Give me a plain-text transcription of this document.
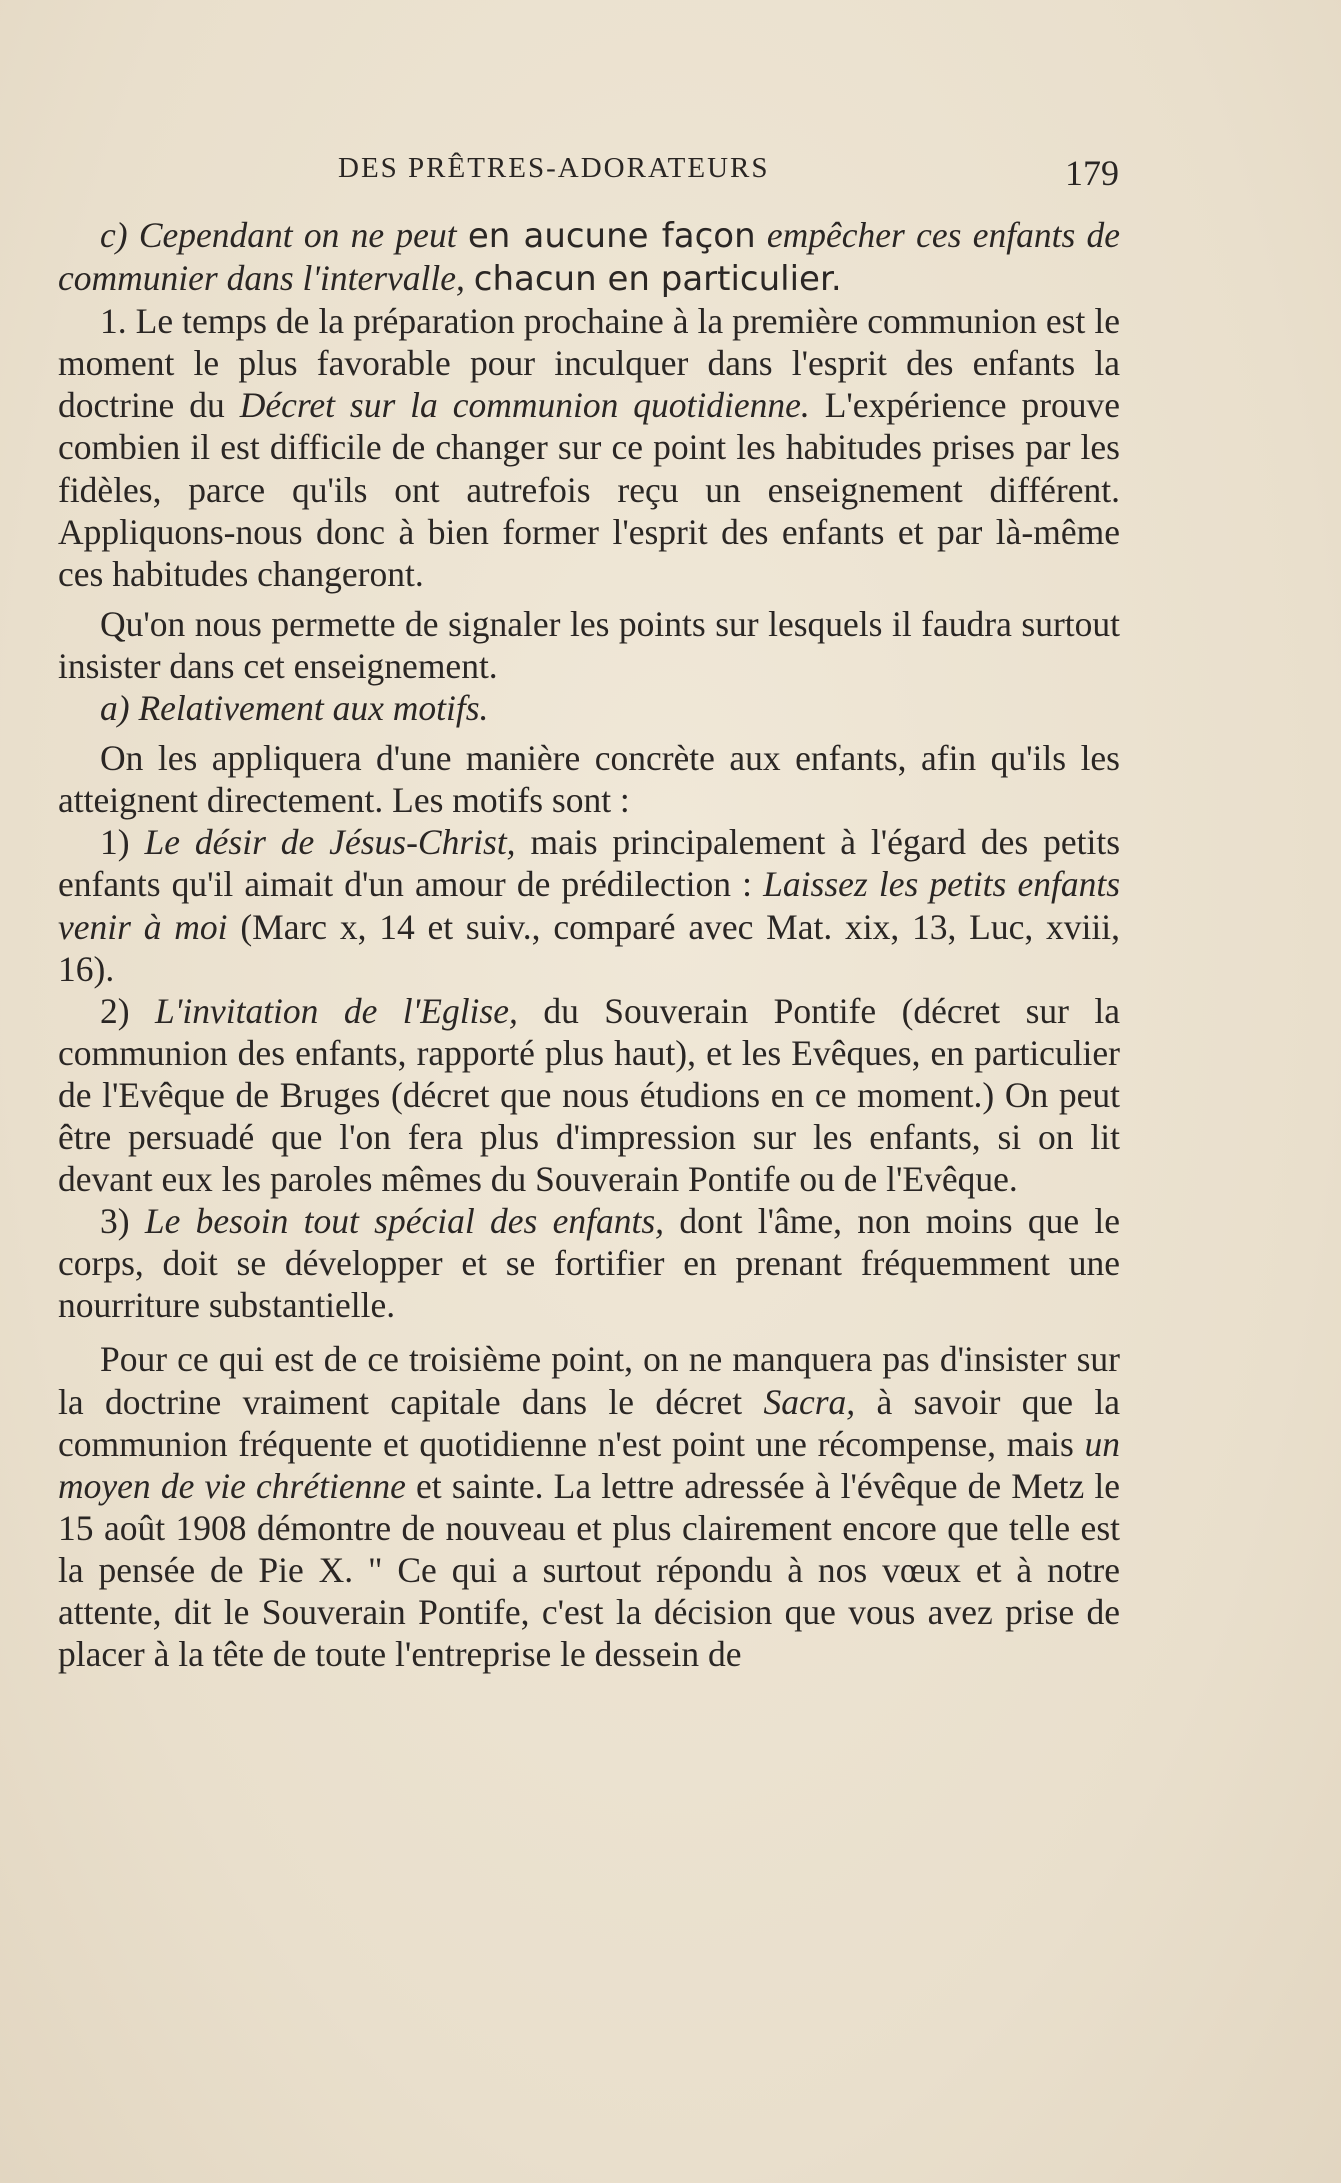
DES PRÊTRES-ADORATEURS	179

c) Cependant on ne peut en aucune façon empêcher ces enfants de communier dans l'intervalle, chacun en particulier.

1. Le temps de la préparation prochaine à la première communion est le moment le plus favorable pour inculquer dans l'esprit des enfants la doctrine du Décret sur la communion quotidienne. L'expérience prouve combien il est difficile de changer sur ce point les habitudes prises par les fidèles, parce qu'ils ont autrefois reçu un enseignement différent. Appliquons-nous donc à bien former l'esprit des enfants et par là-même ces habitudes changeront.

Qu'on nous permette de signaler les points sur lesquels il faudra surtout insister dans cet enseignement.

a) Relativement aux motifs.

On les appliquera d'une manière concrète aux enfants, afin qu'ils les atteignent directement. Les motifs sont :

1) Le désir de Jésus-Christ, mais principalement à l'égard des petits enfants qu'il aimait d'un amour de prédilection : Laissez les petits enfants venir à moi (Marc x, 14 et suiv., comparé avec Mat. xix, 13, Luc, xviii, 16).

2) L'invitation de l'Eglise, du Souverain Pontife (décret sur la communion des enfants, rapporté plus haut), et les Evêques, en particulier de l'Evêque de Bruges (décret que nous étudions en ce moment.) On peut être persuadé que l'on fera plus d'impression sur les enfants, si on lit devant eux les paroles mêmes du Souverain Pontife ou de l'Evêque.

3) Le besoin tout spécial des enfants, dont l'âme, non moins que le corps, doit se développer et se fortifier en prenant fréquemment une nourriture substantielle.

Pour ce qui est de ce troisième point, on ne manquera pas d'insister sur la doctrine vraiment capitale dans le décret Sacra, à savoir que la communion fréquente et quotidienne n'est point une récompense, mais un moyen de vie chrétienne et sainte. La lettre adressée à l'évêque de Metz le 15 août 1908 démontre de nouveau et plus clairement encore que telle est la pensée de Pie X. " Ce qui a surtout répondu à nos vœux et à notre attente, dit le Souverain Pontife, c'est la décision que vous avez prise de placer à la tête de toute l'entreprise le dessein de
